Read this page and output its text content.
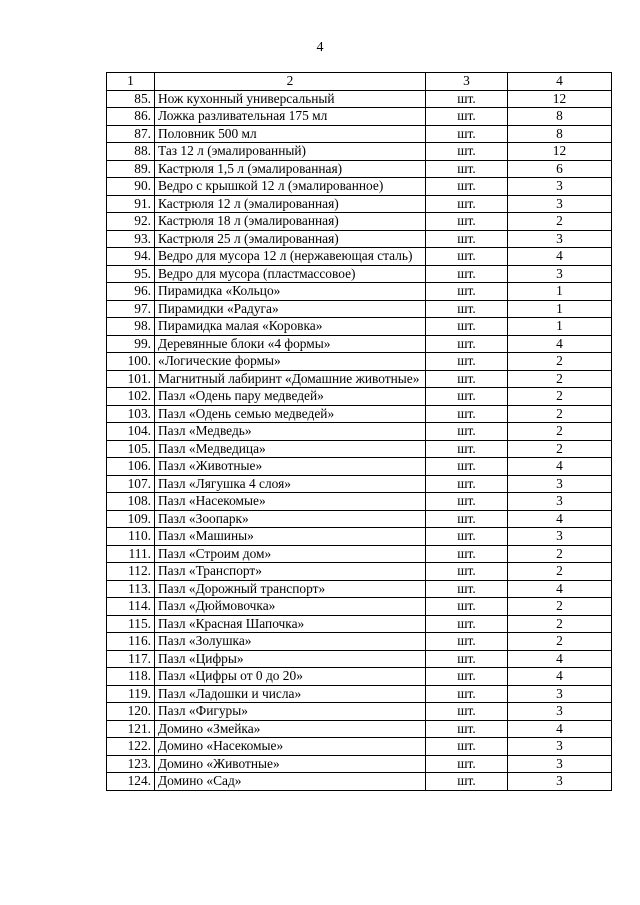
4
1	2	3	4
85.	Нож кухонный универсальный	шт.	12
86.	Ложка разливательная 175 мл	шт.	8
87.	Половник 500 мл	шт.	8
88.	Таз 12 л (эмалированный)	шт.	12
89.	Кастрюля 1,5 л (эмалированная)	шт.	6
90.	Ведро с крышкой 12 л (эмалированное)	шт.	3
91.	Кастрюля 12 л (эмалированная)	шт.	3
92.	Кастрюля 18 л (эмалированная)	шт.	2
93.	Кастрюля 25 л (эмалированная)	шт.	3
94.	Ведро для мусора 12 л (нержавеющая сталь)	шт.	4
95.	Ведро для мусора (пластмассовое)	шт.	3
96.	Пирамидка «Кольцо»	шт.	1
97.	Пирамидки «Радуга»	шт.	1
98.	Пирамидка малая «Коровка»	шт.	1
99.	Деревянные блоки «4 формы»	шт.	4
100.	«Логические формы»	шт.	2
101.	Магнитный лабиринт «Домашние животные»	шт.	2
102.	Пазл «Одень пару медведей»	шт.	2
103.	Пазл «Одень семью медведей»	шт.	2
104.	Пазл «Медведь»	шт.	2
105.	Пазл «Медведица»	шт.	2
106.	Пазл «Животные»	шт.	4
107.	Пазл «Лягушка 4 слоя»	шт.	3
108.	Пазл «Насекомые»	шт.	3
109.	Пазл «Зоопарк»	шт.	4
110.	Пазл «Машины»	шт.	3
111.	Пазл «Строим дом»	шт.	2
112.	Пазл «Транспорт»	шт.	2
113.	Пазл «Дорожный транспорт»	шт.	4
114.	Пазл «Дюймовочка»	шт.	2
115.	Пазл «Красная Шапочка»	шт.	2
116.	Пазл «Золушка»	шт.	2
117.	Пазл «Цифры»	шт.	4
118.	Пазл «Цифры от 0 до 20»	шт.	4
119.	Пазл «Ладошки и числа»	шт.	3
120.	Пазл «Фигуры»	шт.	3
121.	Домино «Змейка»	шт.	4
122.	Домино «Насекомые»	шт.	3
123.	Домино «Животные»	шт.	3
124.	Домино «Сад»	шт.	3
